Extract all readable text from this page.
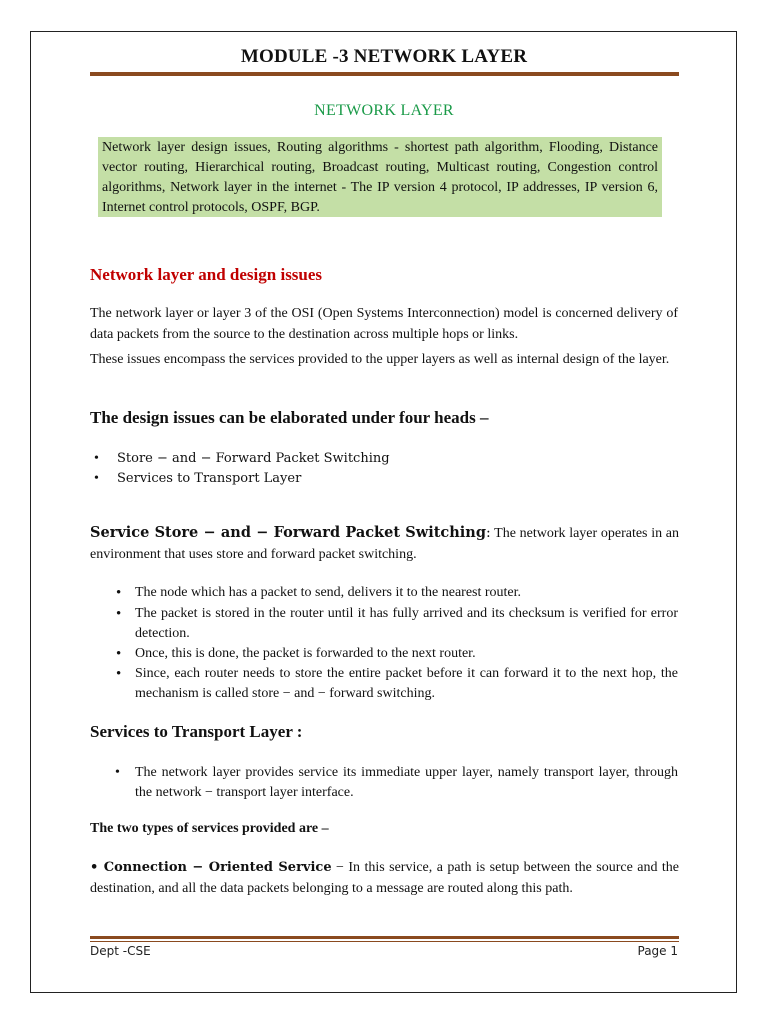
MODULE -3 NETWORK LAYER
NETWORK LAYER
Network layer design issues, Routing algorithms - shortest path algorithm, Flooding, Distance vector routing, Hierarchical routing, Broadcast routing, Multicast routing, Congestion control algorithms, Network layer in the internet - The IP version 4 protocol, IP addresses, IP version 6, Internet control protocols, OSPF, BGP.
Network layer and design issues
The network layer or layer 3 of the OSI (Open Systems Interconnection) model is concerned delivery of data packets from the source to the destination across multiple hops or links.
These issues encompass the services provided to the upper layers as well as internal design of the layer.
The design issues can be elaborated under four heads –
• Store − and − Forward Packet Switching
• Services to Transport Layer
Service Store − and − Forward Packet Switching: The network layer operates in an environment that uses store and forward packet switching.
• The node which has a packet to send, delivers it to the nearest router.
• The packet is stored in the router until it has fully arrived and its checksum is verified for error detection.
• Once, this is done, the packet is forwarded to the next router.
• Since, each router needs to store the entire packet before it can forward it to the next hop, the mechanism is called store − and − forward switching.
Services to Transport Layer :
• The network layer provides service its immediate upper layer, namely transport layer, through the network − transport layer interface.
The two types of services provided are –
• Connection − Oriented Service − In this service, a path is setup between the source and the destination, and all the data packets belonging to a message are routed along this path.
Dept -CSE	Page 1
